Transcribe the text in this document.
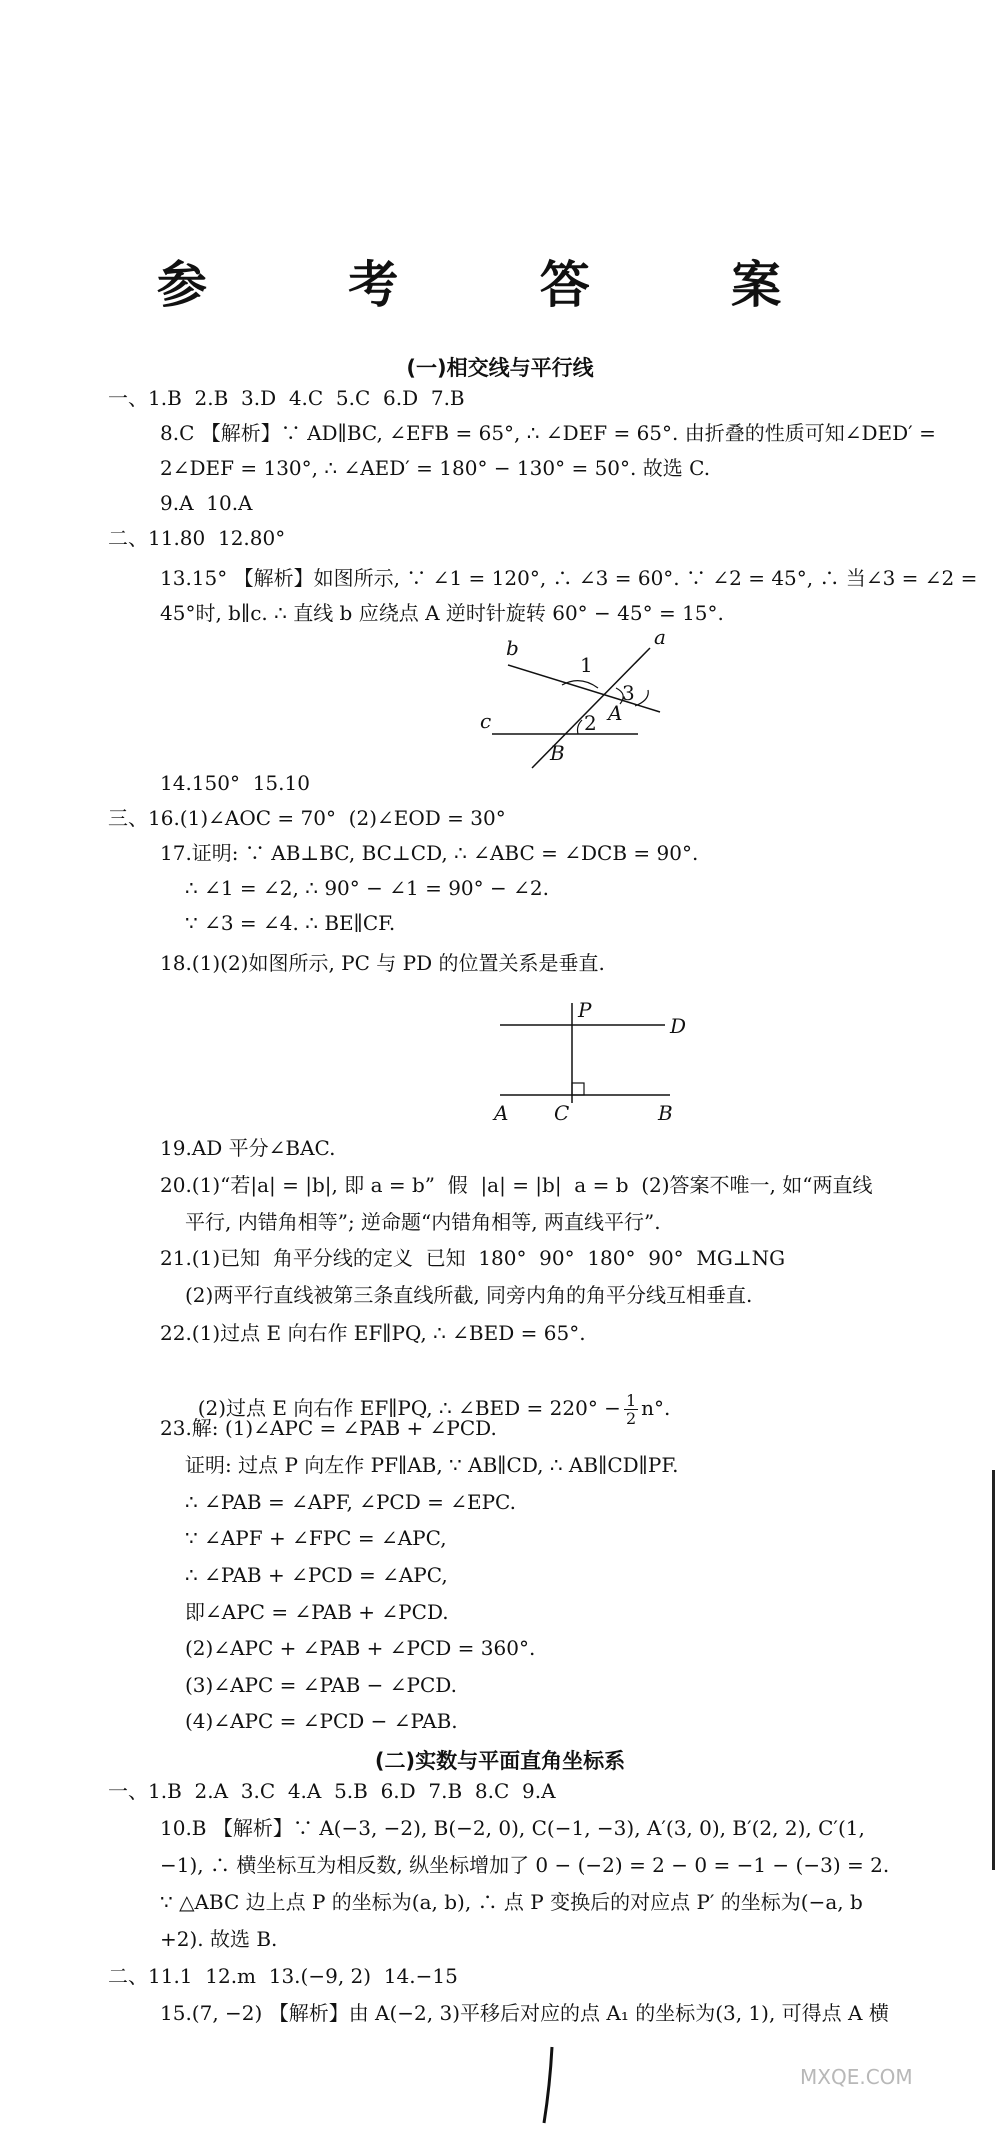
参 考 答 案
(一)相交线与平行线
一、1.B  2.B  3.D  4.C  5.C  6.D  7.B
8.C 【解析】∵ AD∥BC, ∠EFB = 65°, ∴ ∠DEF = 65°. 由折叠的性质可知∠DED′ =
2∠DEF = 130°, ∴ ∠AED′ = 180° − 130° = 50°. 故选 C.
9.A  10.A
二、11.80  12.80°
13.15° 【解析】如图所示, ∵ ∠1 = 120°, ∴ ∠3 = 60°. ∵ ∠2 = 45°, ∴ 当∠3 = ∠2 =
45°时, b∥c. ∴ 直线 b 应绕点 A 逆时针旋转 60° − 45° = 15°.
b	a
1
3
A
2
c
B
14.150°  15.10
三、16.(1)∠AOC = 70°  (2)∠EOD = 30°
17.证明: ∵ AB⊥BC, BC⊥CD, ∴ ∠ABC = ∠DCB = 90°.
∴ ∠1 = ∠2, ∴ 90° − ∠1 = 90° − ∠2.
∵ ∠3 = ∠4. ∴ BE∥CF.
18.(1)(2)如图所示, PC 与 PD 的位置关系是垂直.
P
D
A C	B
19.AD 平分∠BAC.
20.(1)“若|a| = |b|, 即 a = b”  假  |a| = |b|  a = b  (2)答案不唯一, 如“两直线
平行, 内错角相等”; 逆命题“内错角相等, 两直线平行”.
21.(1)已知  角平分线的定义  已知  180°  90°  180°  90°  MG⊥NG
(2)两平行直线被第三条直线所截, 同旁内角的角平分线互相垂直.
22.(1)过点 E 向右作 EF∥PQ, ∴ ∠BED = 65°.

(2)过点 E 向右作 EF∥PQ, ∴ ∠BED = $220^\circ - \frac{1}{2} n^\circ$.

23.解: (1)∠APC = ∠PAB + ∠PCD.
证明: 过点 P 向左作 PF∥AB, ∵ AB∥CD, ∴ AB∥CD∥PF.
∴ ∠PAB = ∠APF, ∠PCD = ∠EPC.
∵ ∠APF + ∠FPC = ∠APC,
∴ ∠PAB + ∠PCD = ∠APC,
即∠APC = ∠PAB + ∠PCD.
(2)∠APC + ∠PAB + ∠PCD = 360°.
(3)∠APC = ∠PAB − ∠PCD.
(4)∠APC = ∠PCD − ∠PAB.
(二)实数与平面直角坐标系
一、1.B  2.A  3.C  4.A  5.B  6.D  7.B  8.C  9.A
10.B 【解析】∵ A(−3, −2), B(−2, 0), C(−1, −3), A′(3, 0), B′(2, 2), C′(1,
−1), ∴ 横坐标互为相反数, 纵坐标增加了 0 − (−2) = 2 − 0 = −1 − (−3) = 2.
∵ △ABC 边上点 P 的坐标为(a, b), ∴ 点 P 变换后的对应点 P′ 的坐标为(−a, b
+2). 故选 B.
二、11.1  12.m  13.(−9, 2)  14.−15
15.(7, −2) 【解析】由 A(−2, 3)平移后对应的点 A₁ 的坐标为(3, 1), 可得点 A 横
MXQE.COM
